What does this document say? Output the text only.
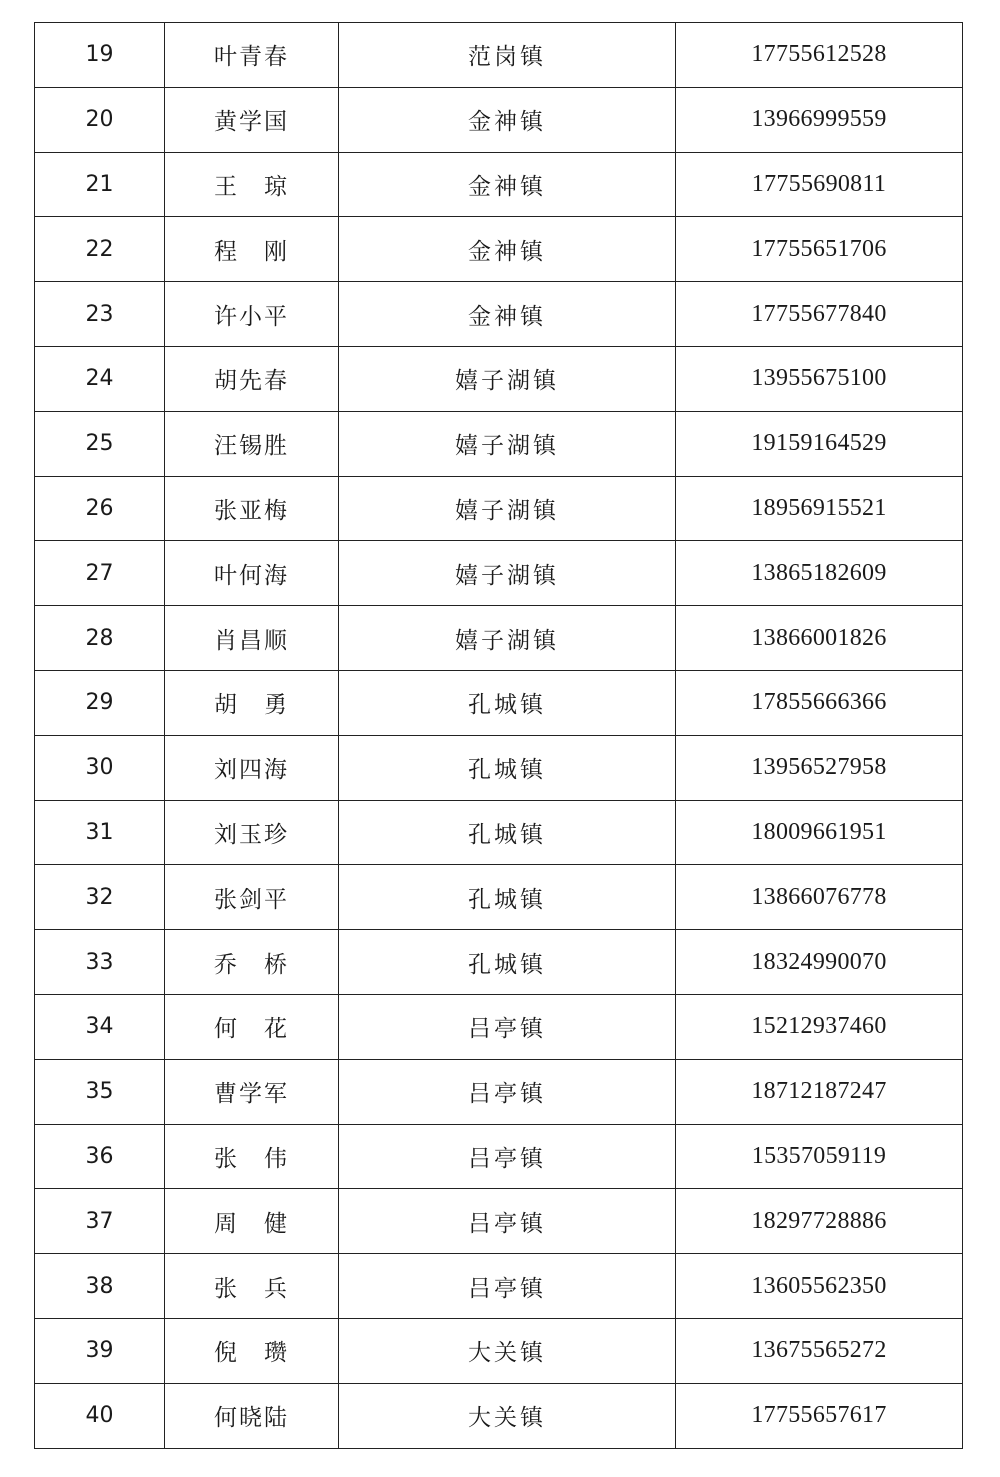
19	叶青春	范岗镇	17755612528
20	黄学国	金神镇	13966999559
21	王　琼	金神镇	17755690811
22	程　刚	金神镇	17755651706
23	许小平	金神镇	17755677840
24	胡先春	嬉子湖镇	13955675100
25	汪锡胜	嬉子湖镇	19159164529
26	张亚梅	嬉子湖镇	18956915521
27	叶何海	嬉子湖镇	13865182609
28	肖昌顺	嬉子湖镇	13866001826
29	胡　勇	孔城镇	17855666366
30	刘四海	孔城镇	13956527958
31	刘玉珍	孔城镇	18009661951
32	张剑平	孔城镇	13866076778
33	乔　桥	孔城镇	18324990070
34	何　花	吕亭镇	15212937460
35	曹学军	吕亭镇	18712187247
36	张　伟	吕亭镇	15357059119
37	周　健	吕亭镇	18297728886
38	张　兵	吕亭镇	13605562350
39	倪　瓒	大关镇	13675565272
40	何晓陆	大关镇	17755657617
